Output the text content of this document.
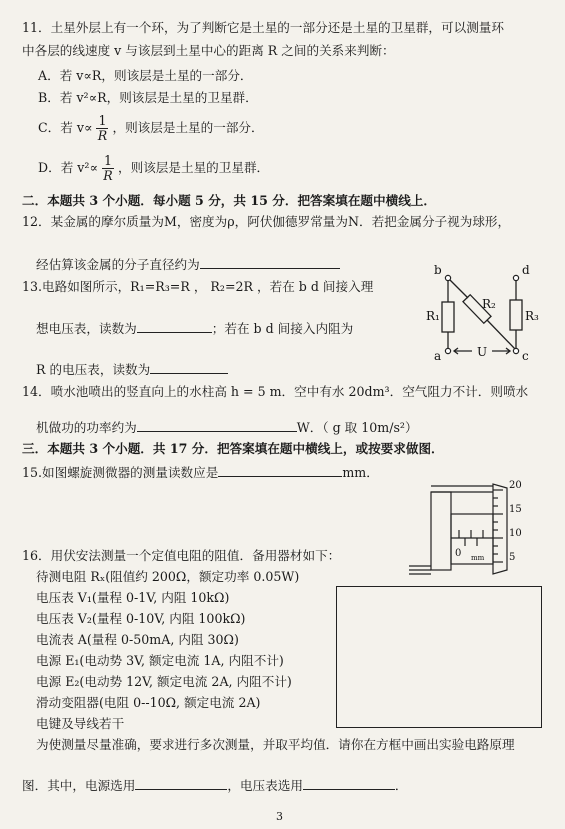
11．土星外层上有一个环，为了判断它是土星的一部分还是土星的卫星群，可以测量环
中各层的线速度 v 与该层到土星中心的距离 R 之间的关系来判断：
A．若 v∝R，则该层是土星的一部分．
B．若 v²∝R，则该层是土星的卫星群．
C．若 $v\propto \frac{1}{R}$ ，则该层是土星的一部分．
D．若 $v^2\propto \frac{1}{R}$ ，则该层是土星的卫星群．
二．本题共 3 个小题．每小题 5 分，共 15 分．把答案填在题中横线上．
12．某金属的摩尔质量为M，密度为ρ，阿伏伽德罗常量为N．若把金属分子视为球形，
经估算该金属的分子直径约为
13.电路如图所示，R₁=R₃=R ， R₂=2R ，若在 b d 间接入理
想电压表，读数为	；若在 b d 间接入内阻为
R 的电压表，读数为
b	d
a	c
R₁
R₂
R₃
U
14．喷水池喷出的竖直向上的水柱高 h = 5 m．空中有水 20dm³．空气阻力不计．则喷水
机做功的功率约为	W．（ g 取 10m/s²）
三．本题共 3 个小题．共 17 分．把答案填在题中横线上，或按要求做图．
15.如图螺旋测微器的测量读数应是	mm．
20
15
10
5
0 mm
16．用伏安法测量一个定值电阻的阻值．备用器材如下：
待测电阻 Rₓ(阻值约 200Ω，额定功率 0.05W)
电压表 V₁(量程 0-1V, 内阻 10kΩ)
电压表 V₂(量程 0-10V, 内阻 100kΩ)
电流表 A(量程 0-50mA, 内阻 30Ω)
电源 E₁(电动势 3V, 额定电流 1A, 内阻不计)
电源 E₂(电动势 12V, 额定电流 2A, 内阻不计)
滑动变阻器(电阻 0--10Ω, 额定电流 2A)
电键及导线若干
为使测量尽量准确，要求进行多次测量，并取平均值．请你在方框中画出实验电路原理
图．其中，电源选用	，电压表选用	．
3
